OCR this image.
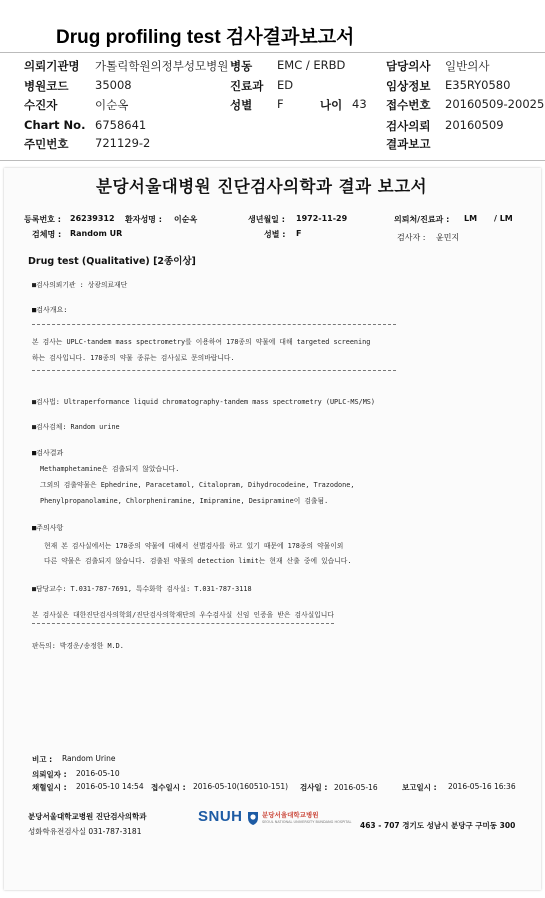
Drug profiling test 검사결과보고서
의뢰기관명 가톨릭학원의정부성모병원 병동 EMC / ERBD	담당의사 일반의사
병원코드 35008	진료과 ED	임상정보 E35RY0580
수진자	이순옥	성별 F	나이 43 접수번호 20160509-20025
Chart No. 6758641	검사의뢰 20160509
주민번호 721129-2	결과보고
분당서울대병원 진단검사의학과 결과 보고서
등록번호 : 26239312 환자성명 : 이순옥	생년월일 : 1972-11-29	의뢰처/진료과 : LM / LM
검체명 : Random UR	성별 : F	검사자 : 윤민지
Drug test (Qualitative) [2종이상]
■검사의뢰기관 : 상광의료재단
■검사개요:
본 검사는 UPLC-tandem mass spectrometry를 이용하여 178종의 약물에 대해 targeted screening
하는 검사입니다. 178종의 약물 종류는 검사실로 문의바랍니다.
■검사법: Ultraperformance liquid chromatography-tandem mass spectrometry (UPLC-MS/MS)
■검사검체: Random urine
■검사결과
Methamphetamine은 검출되지 않았습니다.
그외의 검출약물은 Ephedrine, Paracetamol, Citalopram, Dihydrocodeine, Trazodone,
Phenylpropanolamine, Chlorpheniramine, Imipramine, Desipramine이 검출됨.
■주의사항
현재 본 검사실에서는 178종의 약물에 대해서 선별검사를 하고 있기 때문에 178종의 약물이외
다른 약물은 검출되지 않습니다. 검출된 약물의 detection limit는 현재 산출 중에 있습니다.
■담당교수: T.031-787-7691, 특수화학 검사실: T.031-787-3118
본 검사실은 대한진단검사의학회/진단검사의학재단의 우수검사실 신임 인증을 받은 검사실입니다
판독의: 박경운/송정한 M.D.
비고 : Random Urine
의뢰일자 : 2016-05-10
채혈일시 : 2016-05-10 14:54 접수일시 : 2016-05-10(160510-151) 검사일 : 2016-05-16	보고일시 : 2016-05-16 16:36
분당서울대학교병원 진단검사의학과
성화학유전검사실 031-787-3181
SNUH	분당서울대학교병원
SEOUL NATIONAL UNIVERSITY BUNDANG HOSPITAL 463 - 707 경기도 성남시 분당구 구미동 300
